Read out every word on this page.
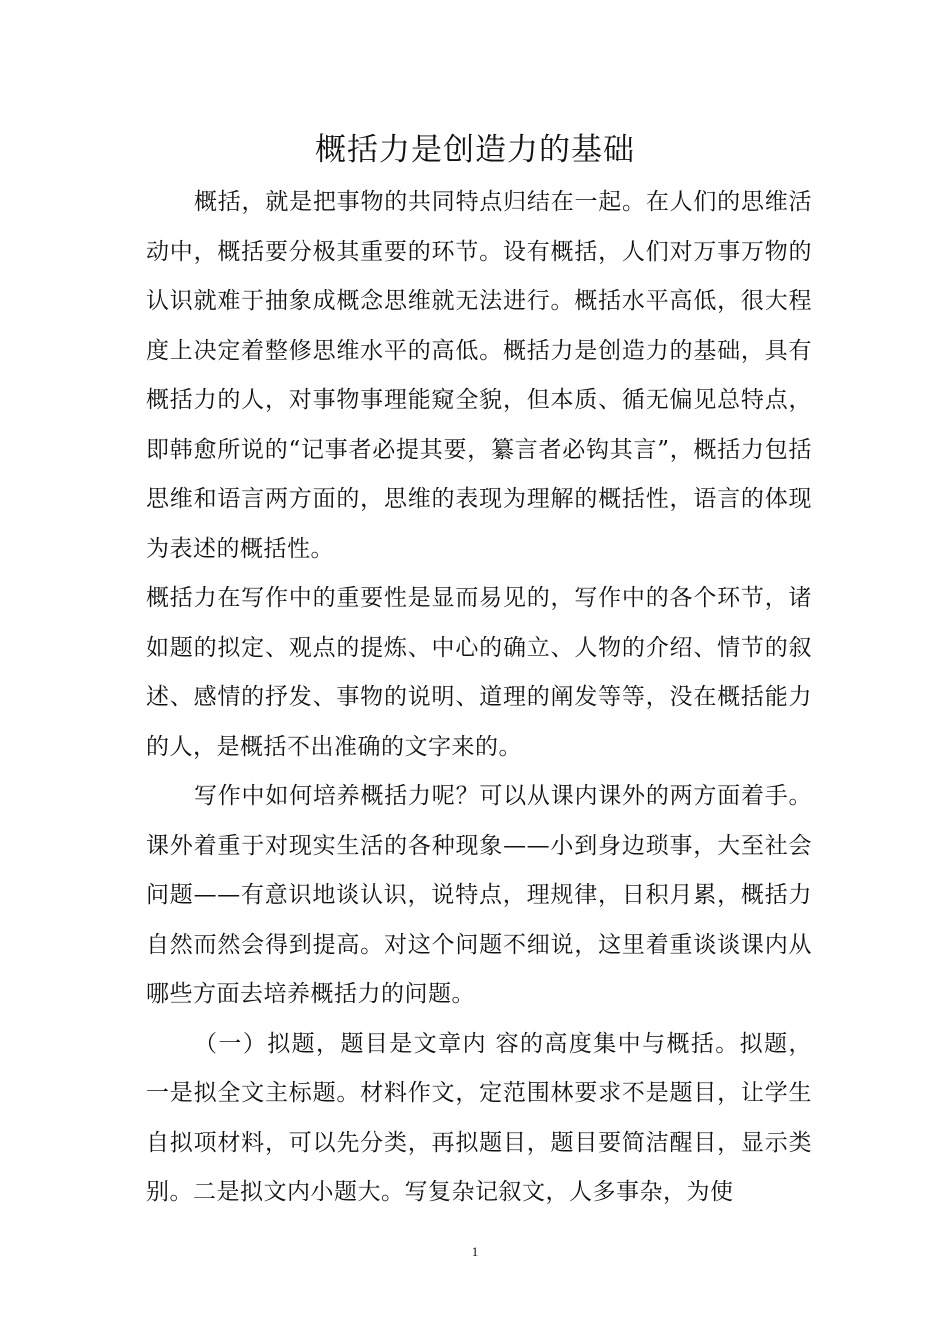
概括力是创造力的基础

概括，就是把事物的共同特点归结在一起。在人们的思维活动中，概括要分极其重要的环节。设有概括，人们对万事万物的认识就难于抽象成概念思维就无法进行。概括水平高低，很大程度上决定着整修思维水平的高低。概括力是创造力的基础，具有概括力的人，对事物事理能窥全貌，但本质、循无偏见总特点，即韩愈所说的“记事者必提其要，纂言者必钩其言”，概括力包括思维和语言两方面的，思维的表现为理解的概括性，语言的体现为表述的概括性。

概括力在写作中的重要性是显而易见的，写作中的各个环节，诸如题的拟定、观点的提炼、中心的确立、人物的介绍、情节的叙述、感情的抒发、事物的说明、道理的阐发等等，没在概括能力的人，是概括不出准确的文字来的。

写作中如何培养概括力呢？可以从课内课外的两方面着手。课外着重于对现实生活的各种现象——小到身边琐事，大至社会问题——有意识地谈认识，说特点，理规律，日积月累，概括力自然而然会得到提高。对这个问题不细说，这里着重谈谈课内从哪些方面去培养概括力的问题。

（一）拟题，题目是文章内 容的高度集中与概括。拟题，一是拟全文主标题。材料作文，定范围林要求不是题目，让学生自拟项材料，可以先分类，再拟题目，题目要简洁醒目，显示类别。二是拟文内小题大。写复杂记叙文，人多事杂，为使

1
